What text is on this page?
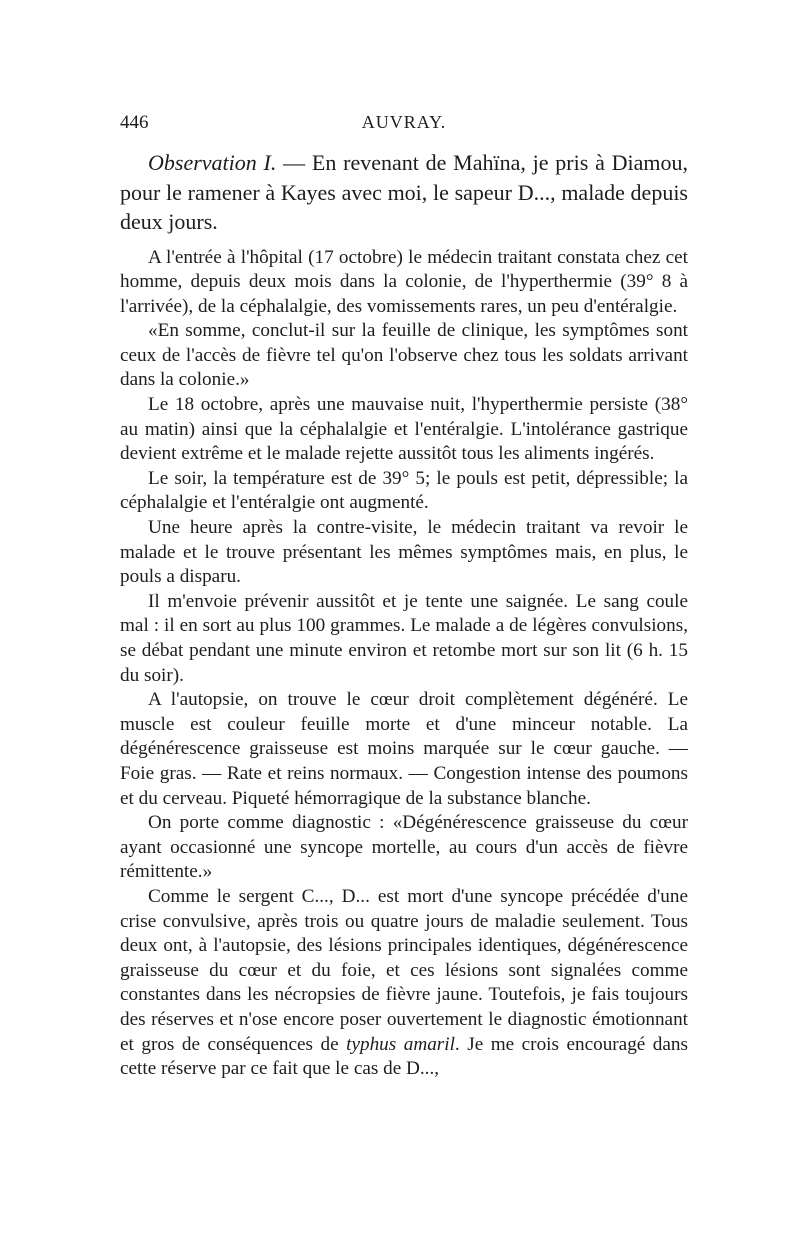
446	AUVRAY.

Observation I. — En revenant de Mahïna, je pris à Diamou, pour le ramener à Kayes avec moi, le sapeur D..., malade depuis deux jours.

A l'entrée à l'hôpital (17 octobre) le médecin traitant constata chez cet homme, depuis deux mois dans la colonie, de l'hyperthermie (39° 8 à l'arrivée), de la céphalalgie, des vomissements rares, un peu d'entéralgie.

«En somme, conclut-il sur la feuille de clinique, les symptômes sont ceux de l'accès de fièvre tel qu'on l'observe chez tous les soldats arrivant dans la colonie.»

Le 18 octobre, après une mauvaise nuit, l'hyperthermie persiste (38° au matin) ainsi que la céphalalgie et l'entéralgie. L'intolérance gastrique devient extrême et le malade rejette aussitôt tous les aliments ingérés.

Le soir, la température est de 39° 5; le pouls est petit, dépressible; la céphalalgie et l'entéralgie ont augmenté.

Une heure après la contre-visite, le médecin traitant va revoir le malade et le trouve présentant les mêmes symptômes mais, en plus, le pouls a disparu.

Il m'envoie prévenir aussitôt et je tente une saignée. Le sang coule mal : il en sort au plus 100 grammes. Le malade a de légères convulsions, se débat pendant une minute environ et retombe mort sur son lit (6 h. 15 du soir).

A l'autopsie, on trouve le cœur droit complètement dégénéré. Le muscle est couleur feuille morte et d'une minceur notable. La dégénérescence graisseuse est moins marquée sur le cœur gauche. — Foie gras. — Rate et reins normaux. — Congestion intense des poumons et du cerveau. Piqueté hémorragique de la substance blanche.

On porte comme diagnostic : «Dégénérescence graisseuse du cœur ayant occasionné une syncope mortelle, au cours d'un accès de fièvre rémittente.»

Comme le sergent C..., D... est mort d'une syncope précédée d'une crise convulsive, après trois ou quatre jours de maladie seulement. Tous deux ont, à l'autopsie, des lésions principales identiques, dégénérescence graisseuse du cœur et du foie, et ces lésions sont signalées comme constantes dans les nécropsies de fièvre jaune. Toutefois, je fais toujours des réserves et n'ose encore poser ouvertement le diagnostic émotionnant et gros de conséquences de typhus amaril. Je me crois encouragé dans cette réserve par ce fait que le cas de D...,
